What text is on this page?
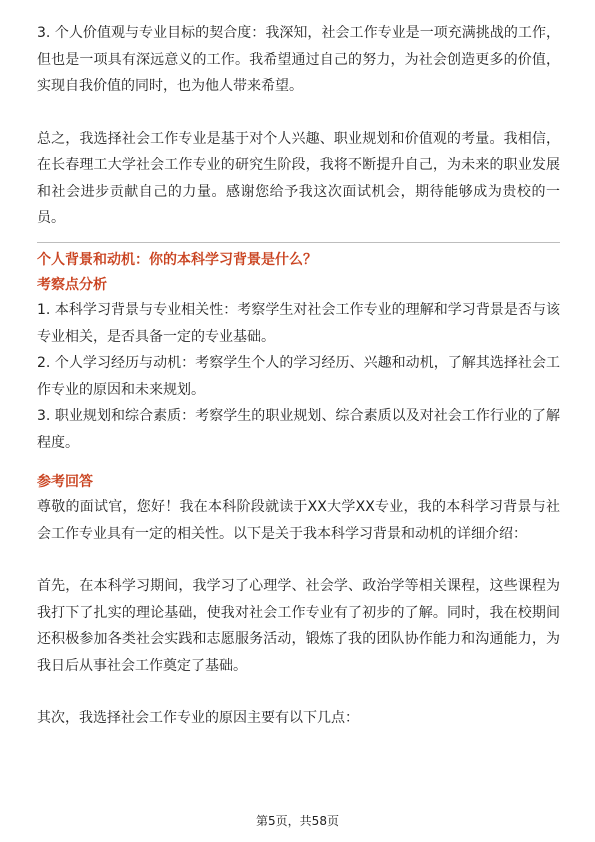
3. 个人价值观与专业目标的契合度：我深知，社会工作专业是一项充满挑战的工作，但也是一项具有深远意义的工作。我希望通过自己的努力，为社会创造更多的价值，实现自我价值的同时，也为他人带来希望。

总之，我选择社会工作专业是基于对个人兴趣、职业规划和价值观的考量。我相信，在长春理工大学社会工作专业的研究生阶段，我将不断提升自己，为未来的职业发展和社会进步贡献自己的力量。感谢您给予我这次面试机会，期待能够成为贵校的一员。

个人背景和动机：你的本科学习背景是什么？

考察点分析

1. 本科学习背景与专业相关性：考察学生对社会工作专业的理解和学习背景是否与该专业相关，是否具备一定的专业基础。

2. 个人学习经历与动机：考察学生个人的学习经历、兴趣和动机，了解其选择社会工作专业的原因和未来规划。

3. 职业规划和综合素质：考察学生的职业规划、综合素质以及对社会工作行业的了解程度。

参考回答

尊敬的面试官，您好！我在本科阶段就读于XX大学XX专业，我的本科学习背景与社会工作专业具有一定的相关性。以下是关于我本科学习背景和动机的详细介绍：

首先，在本科学习期间，我学习了心理学、社会学、政治学等相关课程，这些课程为我打下了扎实的理论基础，使我对社会工作专业有了初步的了解。同时，我在校期间还积极参加各类社会实践和志愿服务活动，锻炼了我的团队协作能力和沟通能力，为我日后从事社会工作奠定了基础。

其次，我选择社会工作专业的原因主要有以下几点：

第5页，共58页
